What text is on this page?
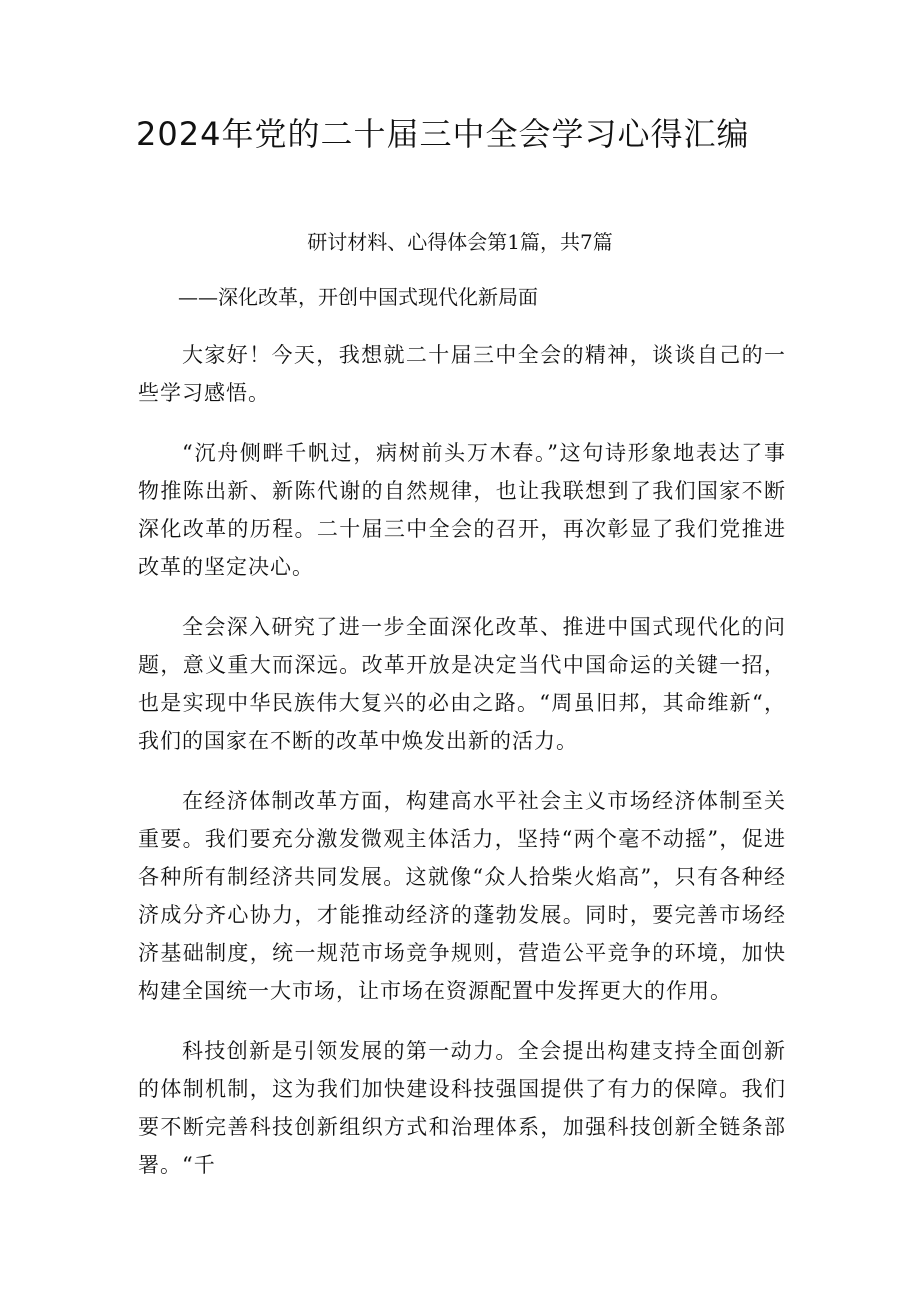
2024年党的二十届三中全会学习心得汇编
研讨材料、心得体会第1篇，共7篇
——深化改革，开创中国式现代化新局面

大家好！今天，我想就二十届三中全会的精神，谈谈自己的一些学习感悟。

“沉舟侧畔千帆过，病树前头万木春。”这句诗形象地表达了事物推陈出新、新陈代谢的自然规律，也让我联想到了我们国家不断深化改革的历程。二十届三中全会的召开，再次彰显了我们党推进改革的坚定决心。

全会深入研究了进一步全面深化改革、推进中国式现代化的问题，意义重大而深远。改革开放是决定当代中国命运的关键一招，也是实现中华民族伟大复兴的必由之路。“周虽旧邦，其命维新“，我们的国家在不断的改革中焕发出新的活力。

在经济体制改革方面，构建高水平社会主义市场经济体制至关重要。我们要充分激发微观主体活力，坚持“两个毫不动摇”，促进各种所有制经济共同发展。这就像“众人拾柴火焰高”，只有各种经济成分齐心协力，才能推动经济的蓬勃发展。同时，要完善市场经济基础制度，统一规范市场竞争规则，营造公平竞争的环境，加快构建全国统一大市场，让市场在资源配置中发挥更大的作用。

科技创新是引领发展的第一动力。全会提出构建支持全面创新的体制机制，这为我们加快建设科技强国提供了有力的保障。我们要不断完善科技创新组织方式和治理体系，加强科技创新全链条部署。“千
